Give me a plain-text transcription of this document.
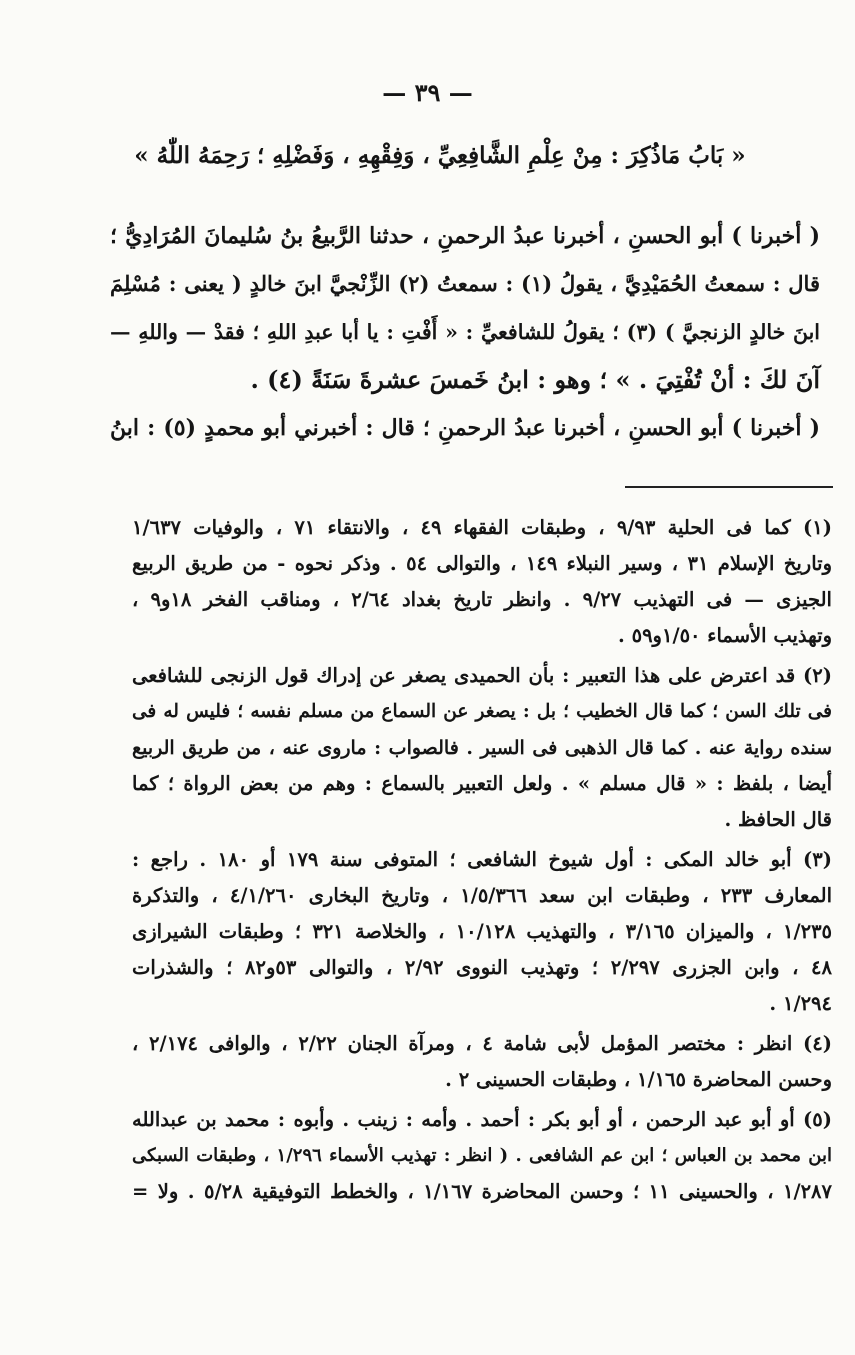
— ٣٩ —
« بَابُ مَاذُكِرَ : مِنْ عِلْمِ الشَّافِعِيِّ ، وَفِقْهِهِ ، وَفَضْلِهِ ؛ رَحِمَهُ اللّٰهُ »
( أخبرنا ) أبو الحسنِ ، أخبرنا عبدُ الرحمنِ ، حدثنا الرَّبيعُ بنُ سُليمانَ المُرَادِيُّ ؛
قال : سمعتُ الحُمَيْدِيَّ ، يقولُ (١) : سمعتُ (٢) الزِّنْجيَّ ابنَ خالدٍ ( يعنى : مُسْلِمَ
ابنَ خالدٍ الزنجيَّ ) (٣) ؛ يقولُ للشافعيِّ : « أَفْتِ : يا أبا عبدِ اللهِ ؛ فقدْ — واللهِ —
آنَ لكَ : أنْ تُفْتِيَ . » ؛ وهو : ابنُ خَمسَ عشرةَ سَنَةً (٤) .
( أخبرنا ) أبو الحسنِ ، أخبرنا عبدُ الرحمنِ ؛ قال : أخبرني أبو محمدٍ (٥) : ابنُ
(١) كما فى الحلية ٩/٩٣ ، وطبقات الفقهاء ٤٩ ، والانتقاء ٧١ ، والوفيات ١/٦٣٧
وتاريخ الإسلام ٣١ ، وسير النبلاء ١٤٩ ، والتوالى ٥٤ . وذكر نحوه - من طريق الربيع
الجيزى — فى التهذيب ٩/٢٧ . وانظر تاريخ بغداد ٢/٦٤ ، ومناقب الفخر ١٨و٩ ،
وتهذيب الأسماء ١/٥٠و٥٩ .
(٢) قد اعترض على هذا التعبير : بأن الحميدى يصغر عن إدراك قول الزنجى للشافعى
فى تلك السن ؛ كما قال الخطيب ؛ بل : يصغر عن السماع من مسلم نفسه ؛ فليس له فى
سنده رواية عنه . كما قال الذهبى فى السير . فالصواب : ماروى عنه ، من طريق الربيع
أيضا ، بلفظ : « قال مسلم » . ولعل التعبير بالسماع : وهم من بعض الرواة ؛ كما
قال الحافظ .
(٣) أبو خالد المكى : أول شيوخ الشافعى ؛ المتوفى سنة ١٧٩ أو ١٨٠ . راجع :
المعارف ٢٣٣ ، وطبقات ابن سعد ١/٥/٣٦٦ ، وتاريخ البخارى ٤/١/٢٦٠ ، والتذكرة
١/٢٣٥ ، والميزان ٣/١٦٥ ، والتهذيب ١٠/١٢٨ ، والخلاصة ٣٢١ ؛ وطبقات الشيرازى
٤٨ ، وابن الجزرى ٢/٢٩٧ ؛ وتهذيب النووى ٢/٩٢ ، والتوالى ٥٣و٨٢ ؛ والشذرات
١/٢٩٤ .
(٤) انظر : مختصر المؤمل لأبى شامة ٤ ، ومرآة الجنان ٢/٢٢ ، والوافى ٢/١٧٤ ،
وحسن المحاضرة ١/١٦٥ ، وطبقات الحسينى ٢ .
(٥) أو أبو عبد الرحمن ، أو أبو بكر : أحمد . وأمه : زينب . وأبوه : محمد بن عبدالله
ابن محمد بن العباس ؛ ابن عم الشافعى . ( انظر : تهذيب الأسماء ١/٢٩٦ ، وطبقات السبكى
١/٢٨٧ ، والحسينى ١١ ؛ وحسن المحاضرة ١/١٦٧ ، والخطط التوفيقية ٥/٢٨ . ولا =
